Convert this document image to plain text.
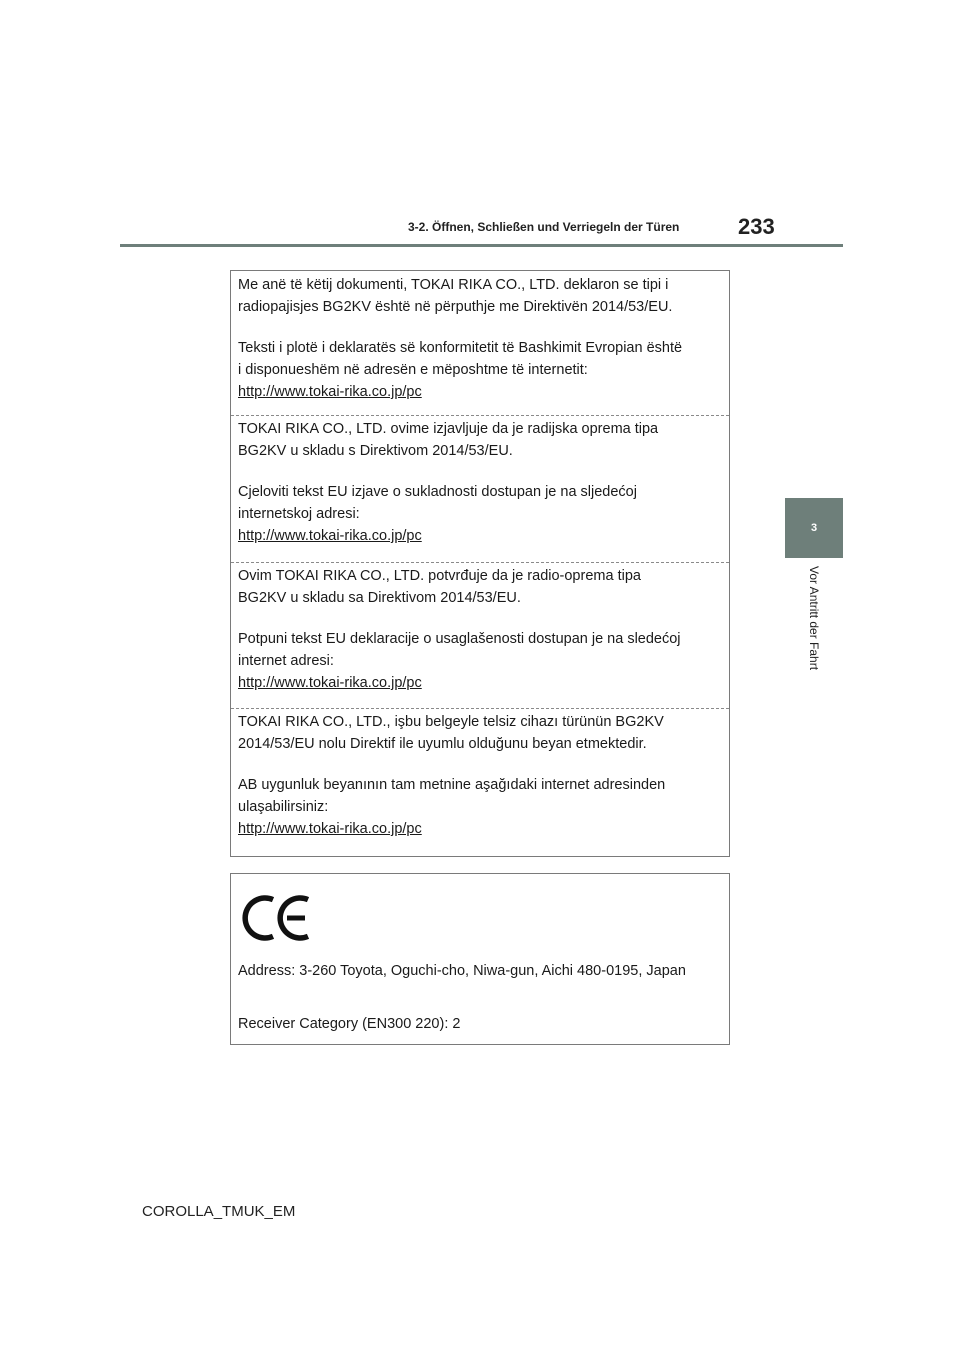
3-2. Öffnen, Schließen und Verriegeln der Türen	233
3
Vor Antritt der Fahrt

Me anë të këtij dokumenti, TOKAI RIKA CO., LTD. deklaron se tipi i

radiopajisjes BG2KV është në përputhje me Direktivën 2014/53/EU.

Teksti i plotë i deklaratës së konformitetit të Bashkimit Evropian është

i disponueshëm në adresën e mëposhtme të internetit:

http://www.tokai-rika.co.jp/pc

TOKAI RIKA CO., LTD. ovime izjavljuje da je radijska oprema tipa

BG2KV u skladu s Direktivom 2014/53/EU.

Cjeloviti tekst EU izjave o sukladnosti dostupan je na sljedećoj

internetskoj adresi:

http://www.tokai-rika.co.jp/pc

Ovim TOKAI RIKA CO., LTD. potvrđuje da je radio-oprema tipa

BG2KV u skladu sa Direktivom 2014/53/EU.

Potpuni tekst EU deklaracije o usaglašenosti dostupan je na sledećoj

internet adresi:

http://www.tokai-rika.co.jp/pc

TOKAI RIKA CO., LTD., işbu belgeyle telsiz cihazı türünün BG2KV

2014/53/EU nolu Direktif ile uyumlu olduğunu beyan etmektedir.

AB uygunluk beyanının tam metnine aşağıdaki internet adresinden

ulaşabilirsiniz:

http://www.tokai-rika.co.jp/pc

Address: 3-260 Toyota, Oguchi-cho, Niwa-gun, Aichi 480-0195, Japan
Receiver Category (EN300 220): 2
COROLLA_TMUK_EM
